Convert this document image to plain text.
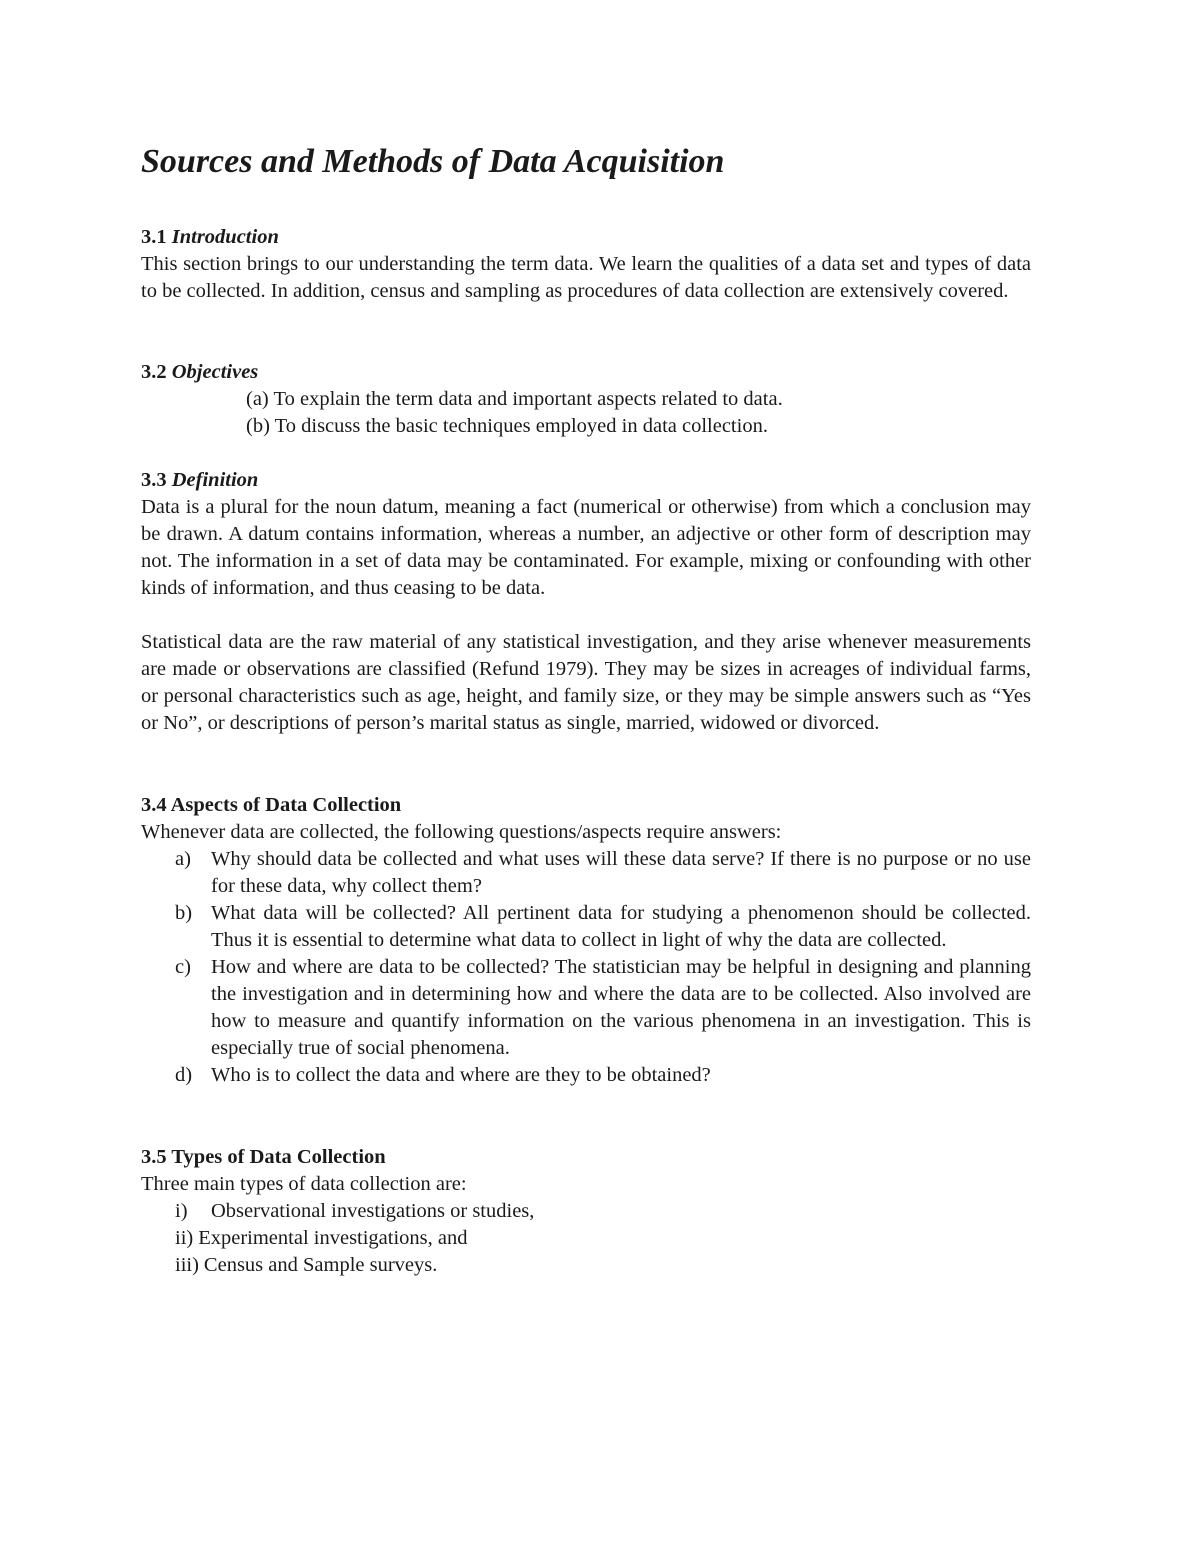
Sources and Methods of Data Acquisition
3.1 Introduction

This section brings to our understanding the term data. We learn the qualities of a data set and types of data to be collected. In addition, census and sampling as procedures of data collection are extensively covered.

3.2 Objectives
(a) To explain the term data and important aspects related to data.
(b) To discuss the basic techniques employed in data collection.
3.3 Definition

Data is a plural for the noun datum, meaning a fact (numerical or otherwise) from which a conclusion may be drawn. A datum contains information, whereas a number, an adjective or other form of description may not. The information in a set of data may be contaminated. For example, mixing or confounding with other kinds of information, and thus ceasing to be data.

Statistical data are the raw material of any statistical investigation, and they arise whenever measurements are made or observations are classified (Refund 1979). They may be sizes in acreages of individual farms, or personal characteristics such as age, height, and family size, or they may be simple answers such as “Yes or No”, or descriptions of person’s marital status as single, married, widowed or divorced.

3.4 Aspects of Data Collection

Whenever data are collected, the following questions/aspects require answers:

a) Why should data be collected and what uses will these data serve? If there is no purpose or no use for these data, why collect them?
b) What data will be collected? All pertinent data for studying a phenomenon should be collected. Thus it is essential to determine what data to collect in light of why the data are collected.
c) How and where are data to be collected? The statistician may be helpful in designing and planning the investigation and in determining how and where the data are to be collected. Also involved are how to measure and quantify information on the various phenomena in an investigation. This is especially true of social phenomena.
d) Who is to collect the data and where are they to be obtained?
3.5 Types of Data Collection

Three main types of data collection are:

i) Observational investigations or studies,
ii) Experimental investigations, and
iii) Census and Sample surveys.
